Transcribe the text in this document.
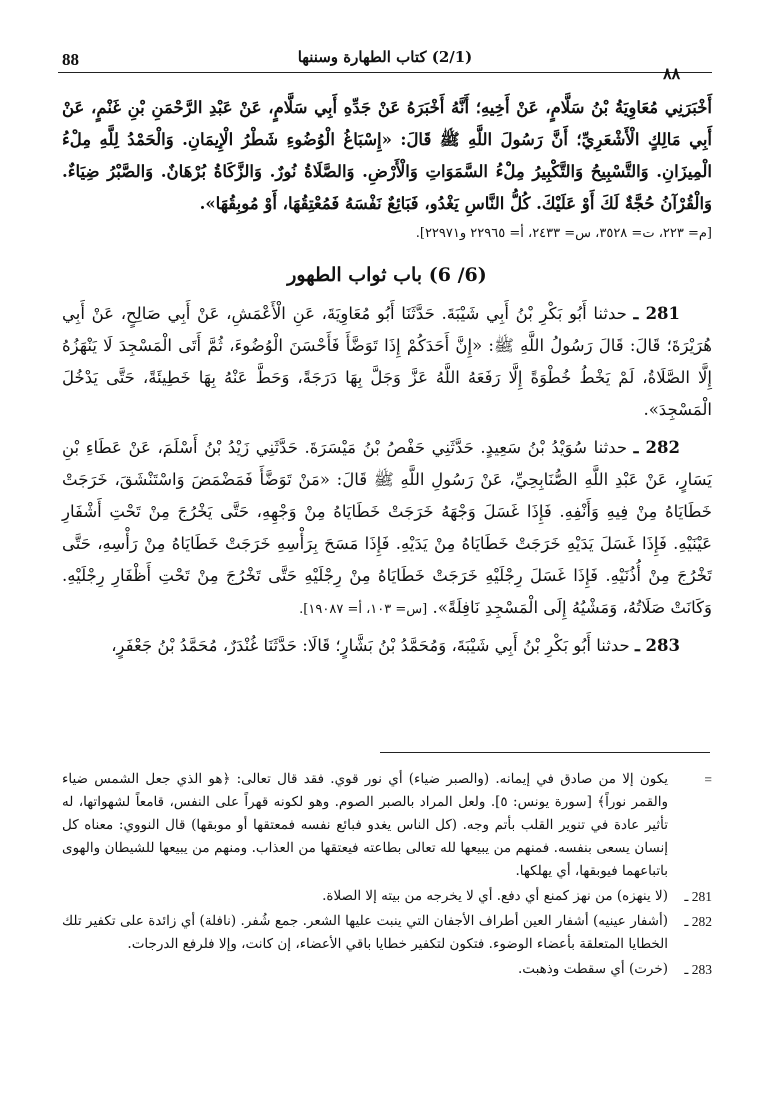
88	(2/1) كتاب الطهارة وسننها
٨٨

أَخْبَرَنِي مُعَاوِيَةُ بْنُ سَلَّامٍ، عَنْ أَخِيهِ؛ أَنَّهُ أَخْبَرَهُ عَنْ جَدِّهِ أَبِي سَلَّامٍ، عَنْ عَبْدِ الرَّحْمَنِ بْنِ غَنْمٍ، عَنْ أَبِي مَالِكٍ الْأَشْعَرِيِّ؛ أَنَّ رَسُولَ اللَّهِ ﷺ قَالَ: «إِسْبَاغُ الْوُضُوءِ شَطْرُ الْإِيمَانِ. وَالْحَمْدُ لِلَّهِ مِلْءُ الْمِيزَانِ. وَالتَّسْبِيحُ وَالتَّكْبِيرُ مِلْءُ السَّمَوَاتِ وَالْأَرْضِ. وَالصَّلَاةُ نُورٌ. وَالزَّكَاةُ بُرْهَانٌ. وَالصَّبْرُ ضِيَاءٌ. وَالْقُرْآنُ حُجَّةٌ لَكَ أَوْ عَلَيْكَ. كُلُّ النَّاسِ يَغْدُو، فَبَائِعٌ نَفْسَهُ فَمُعْتِقُهَا، أَوْ مُوبِقُهَا».

[م= ٢٢٣، ت= ٣٥٢٨، س= ٢٤٣٣، أ= ٢٢٩٦٥ و٢٢٩٧١].

(6/ 6) باب ثواب الطهور

281 ـ حدثنا أَبُو بَكْرِ بْنُ أَبِي شَيْبَةَ. حَدَّثَنَا أَبُو مُعَاوِيَةَ، عَنِ الْأَعْمَشِ، عَنْ أَبِي صَالِحٍ، عَنْ أَبِي هُرَيْرَةَ؛ قَالَ: قَالَ رَسُولُ اللَّهِ ﷺ: «إِنَّ أَحَدَكُمْ إِذَا تَوَضَّأَ فَأَحْسَنَ الْوُضُوءَ، ثُمَّ أَتَى الْمَسْجِدَ لَا يَنْهَزُهُ إِلَّا الصَّلَاةُ، لَمْ يَخْطُ خُطْوَةً إِلَّا رَفَعَهُ اللَّهُ عَزَّ وَجَلَّ بِهَا دَرَجَةً، وَحَطَّ عَنْهُ بِهَا خَطِيئَةً، حَتَّى يَدْخُلَ الْمَسْجِدَ».

282 ـ حدثنا سُوَيْدُ بْنُ سَعِيدٍ. حَدَّثَنِي حَفْصُ بْنُ مَيْسَرَةَ. حَدَّثَنِي زَيْدُ بْنُ أَسْلَمَ، عَنْ عَطَاءِ بْنِ يَسَارٍ، عَنْ عَبْدِ اللَّهِ الصُّنَابِحِيِّ، عَنْ رَسُولِ اللَّهِ ﷺ قَالَ: «مَنْ تَوَضَّأَ فَمَضْمَضَ وَاسْتَنْشَقَ، خَرَجَتْ خَطَايَاهُ مِنْ فِيهِ وَأَنْفِهِ. فَإِذَا غَسَلَ وَجْهَهُ خَرَجَتْ خَطَايَاهُ مِنْ وَجْهِهِ، حَتَّى يَخْرُجَ مِنْ تَحْتِ أَشْفَارِ عَيْنَيْهِ. فَإِذَا غَسَلَ يَدَيْهِ خَرَجَتْ خَطَايَاهُ مِنْ يَدَيْهِ. فَإِذَا مَسَحَ بِرَأْسِهِ خَرَجَتْ خَطَايَاهُ مِنْ رَأْسِهِ، حَتَّى تَخْرُجَ مِنْ أُذُنَيْهِ. فَإِذَا غَسَلَ رِجْلَيْهِ خَرَجَتْ خَطَايَاهُ مِنْ رِجْلَيْهِ حَتَّى تَخْرُجَ مِنْ تَحْتِ أَظْفَارِ رِجْلَيْهِ. وَكَانَتْ صَلَاتُهُ، وَمَشْيُهُ إِلَى الْمَسْجِدِ نَافِلَةً». [س= ١٠٣، أ= ١٩٠٨٧].

283 ـ حدثنا أَبُو بَكْرِ بْنُ أَبِي شَيْبَةَ، وَمُحَمَّدُ بْنُ بَشَّارٍ؛ قَالَا: حَدَّثَنَا غُنْدَرٌ، مُحَمَّدُ بْنُ جَعْفَرٍ،

=
يكون إلا من صادق في إيمانه. (والصبر ضياء) أي نور قوي. فقد قال تعالى: ﴿هو الذي جعل الشمس ضياء والقمر نوراً﴾ [سورة يونس: ٥]. ولعل المراد بالصبر الصوم. وهو لكونه قهراً على النفس، قامعاً لشهواتها، له تأثير عادة في تنوير القلب بأتم وجه. (كل الناس يغدو فبائع نفسه فمعتقها أو موبقها) قال النووي: معناه كل إنسان يسعى بنفسه. فمنهم من يبيعها لله تعالى بطاعته فيعتقها من العذاب. ومنهم من يبيعها للشيطان والهوى باتباعهما فيوبقها، أي يهلكها.
281 ـ
(لا ينهزه) من نهز كمنع أي دفع. أي لا يخرجه من بيته إلا الصلاة.
282 ـ
(أشفار عينيه) أشفار العين أطراف الأجفان التي ينبت عليها الشعر. جمع شُفر. (نافلة) أي زائدة على تكفير تلك الخطايا المتعلقة بأعضاء الوضوء. فتكون لتكفير خطايا باقي الأعضاء، إن كانت، وإلا فلرفع الدرجات.
283 ـ
(خرت) أي سقطت وذهبت.
